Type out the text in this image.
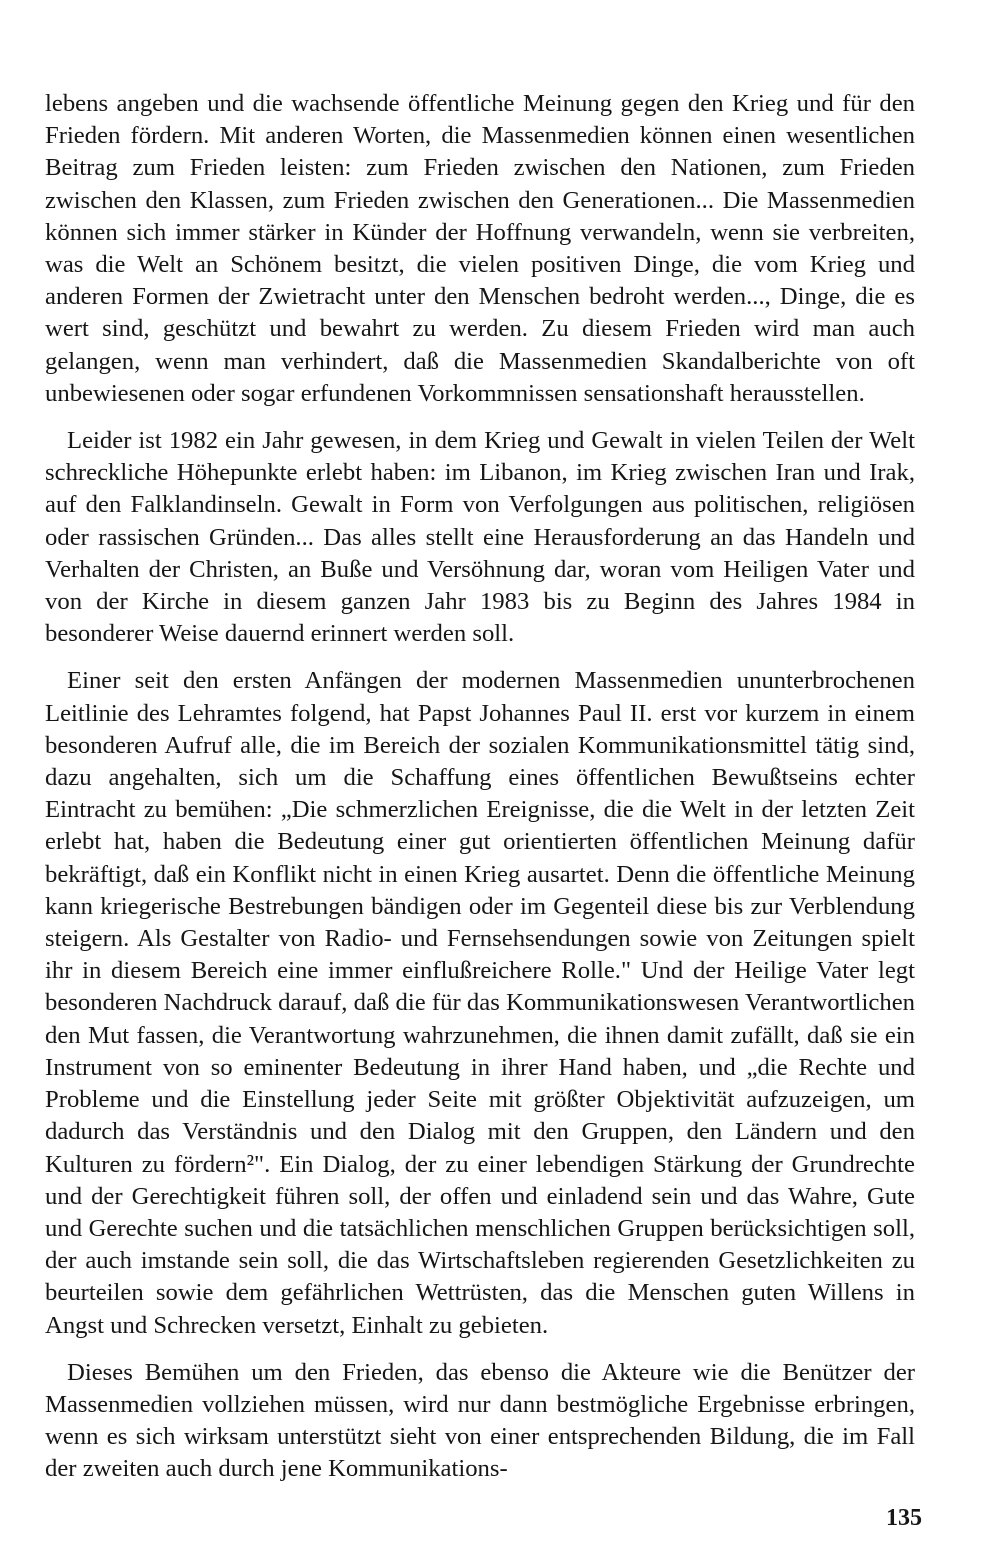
lebens angeben und die wachsende öffentliche Meinung gegen den Krieg und für den Frieden fördern. Mit anderen Worten, die Massenmedien können einen wesentlichen Beitrag zum Frieden leisten: zum Frieden zwischen den Nationen, zum Frieden zwischen den Klassen, zum Frieden zwischen den Generationen... Die Massenmedien können sich immer stärker in Künder der Hoffnung verwandeln, wenn sie verbreiten, was die Welt an Schönem besitzt, die vielen positiven Dinge, die vom Krieg und anderen Formen der Zwietracht unter den Menschen bedroht werden..., Dinge, die es wert sind, geschützt und bewahrt zu werden. Zu diesem Frieden wird man auch gelangen, wenn man verhindert, daß die Massenmedien Skandalberichte von oft unbewiesenen oder sogar erfundenen Vorkommnissen sensationshaft herausstellen.

Leider ist 1982 ein Jahr gewesen, in dem Krieg und Gewalt in vielen Teilen der Welt schreckliche Höhepunkte erlebt haben: im Libanon, im Krieg zwischen Iran und Irak, auf den Falklandinseln. Gewalt in Form von Verfolgungen aus politischen, religiösen oder rassischen Gründen... Das alles stellt eine Herausforderung an das Handeln und Verhalten der Christen, an Buße und Versöhnung dar, woran vom Heiligen Vater und von der Kirche in diesem ganzen Jahr 1983 bis zu Beginn des Jahres 1984 in besonderer Weise dauernd erinnert werden soll.

Einer seit den ersten Anfängen der modernen Massenmedien ununterbrochenen Leitlinie des Lehramtes folgend, hat Papst Johannes Paul II. erst vor kurzem in einem besonderen Aufruf alle, die im Bereich der sozialen Kommunikationsmittel tätig sind, dazu angehalten, sich um die Schaffung eines öffentlichen Bewußtseins echter Eintracht zu bemühen: „Die schmerzlichen Ereignisse, die die Welt in der letzten Zeit erlebt hat, haben die Bedeutung einer gut orientierten öffentlichen Meinung dafür bekräftigt, daß ein Konflikt nicht in einen Krieg ausartet. Denn die öffentliche Meinung kann kriegerische Bestrebungen bändigen oder im Gegenteil diese bis zur Verblendung steigern. Als Gestalter von Radio- und Fernsehsendungen sowie von Zeitungen spielt ihr in diesem Bereich eine immer einflußreichere Rolle." Und der Heilige Vater legt besonderen Nachdruck darauf, daß die für das Kommunikationswesen Verantwortlichen den Mut fassen, die Verantwortung wahrzunehmen, die ihnen damit zufällt, daß sie ein Instrument von so eminenter Bedeutung in ihrer Hand haben, und „die Rechte und Probleme und die Einstellung jeder Seite mit größter Objektivität aufzuzeigen, um dadurch das Verständnis und den Dialog mit den Gruppen, den Ländern und den Kulturen zu fördern²". Ein Dialog, der zu einer lebendigen Stärkung der Grundrechte und der Gerechtigkeit führen soll, der offen und einladend sein und das Wahre, Gute und Gerechte suchen und die tatsächlichen menschlichen Gruppen berücksichtigen soll, der auch imstande sein soll, die das Wirtschaftsleben regierenden Gesetzlichkeiten zu beurteilen sowie dem gefährlichen Wettrüsten, das die Menschen guten Willens in Angst und Schrecken versetzt, Einhalt zu gebieten.

Dieses Bemühen um den Frieden, das ebenso die Akteure wie die Benützer der Massenmedien vollziehen müssen, wird nur dann bestmögliche Ergebnisse erbringen, wenn es sich wirksam unterstützt sieht von einer entsprechenden Bildung, die im Fall der zweiten auch durch jene Kommunikations-

135
